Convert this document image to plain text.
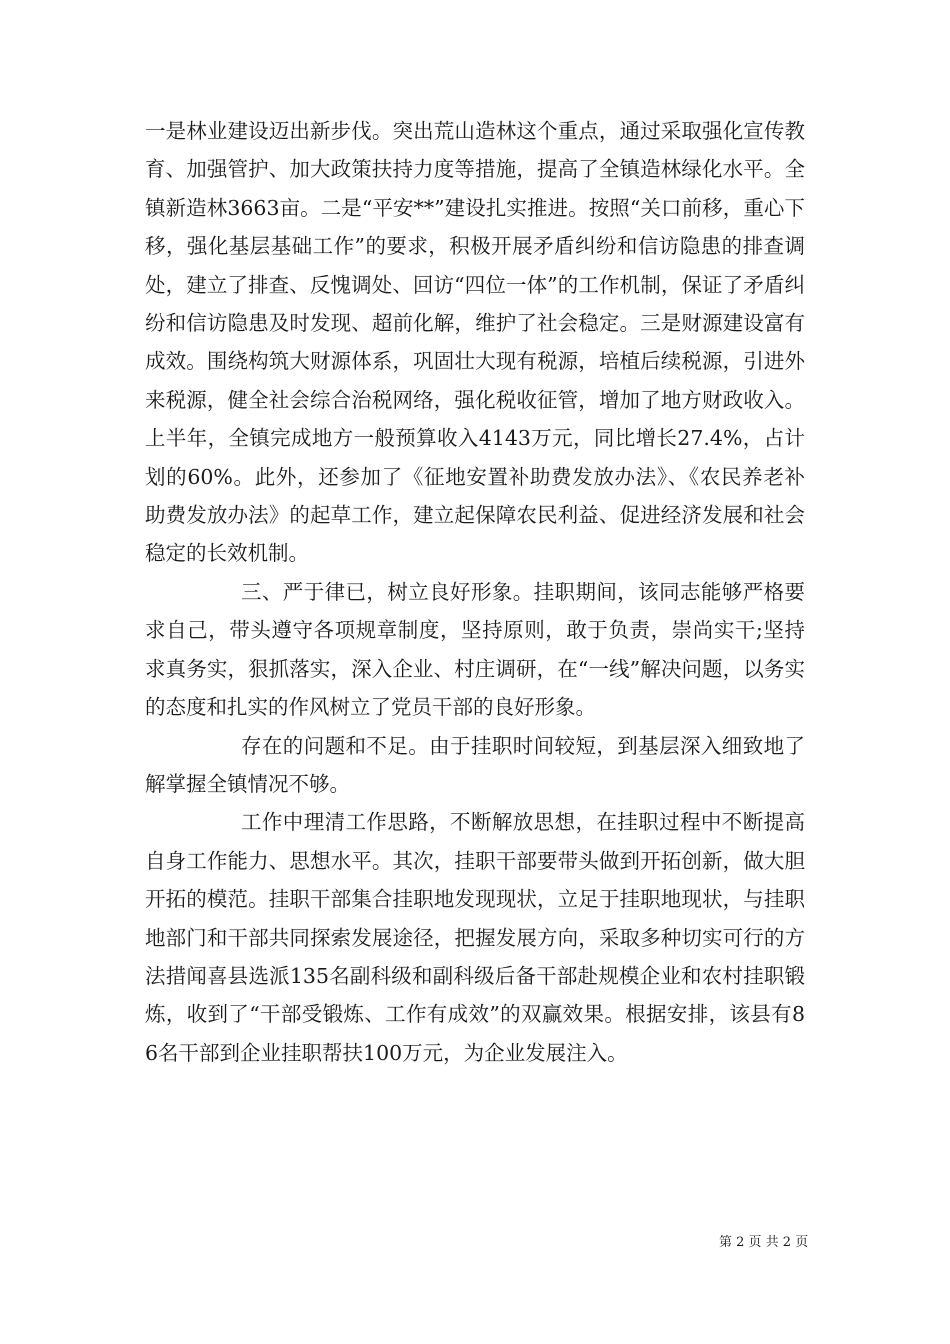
一是林业建设迈出新步伐。突出荒山造林这个重点，通过采取强化宣传教育、加强管护、加大政策扶持力度等措施，提高了全镇造林绿化水平。全镇新造林3663亩。二是“平安**”建设扎实推进。按照“关口前移，重心下移，强化基层基础工作”的要求，积极开展矛盾纠纷和信访隐患的排查调处，建立了排查、反愧调处、回访“四位一体”的工作机制，保证了矛盾纠纷和信访隐患及时发现、超前化解，维护了社会稳定。三是财源建设富有成效。围绕构筑大财源体系，巩固壮大现有税源，培植后续税源，引进外来税源，健全社会综合治税网络，强化税收征管，增加了地方财政收入。上半年，全镇完成地方一般预算收入4143万元，同比增长27.4%，占计划的60%。此外，还参加了《征地安置补助费发放办法》、《农民养老补助费发放办法》的起草工作，建立起保障农民利益、促进经济发展和社会稳定的长效机制。

三、严于律已，树立良好形象。挂职期间，该同志能够严格要求自己，带头遵守各项规章制度，坚持原则，敢于负责，崇尚实干;坚持求真务实，狠抓落实，深入企业、村庄调研，在“一线”解决问题，以务实的态度和扎实的作风树立了党员干部的良好形象。

存在的问题和不足。由于挂职时间较短，到基层深入细致地了解掌握全镇情况不够。

工作中理清工作思路，不断解放思想，在挂职过程中不断提高自身工作能力、思想水平。其次，挂职干部要带头做到开拓创新，做大胆开拓的模范。挂职干部集合挂职地发现现状，立足于挂职地现状，与挂职地部门和干部共同探索发展途径，把握发展方向，采取多种切实可行的方法措闻喜县选派135名副科级和副科级后备干部赴规模企业和农村挂职锻炼，收到了“干部受锻炼、工作有成效”的双赢效果。根据安排，该县有86名干部到企业挂职帮扶100万元，为企业发展注入。

第 2 页 共 2 页
